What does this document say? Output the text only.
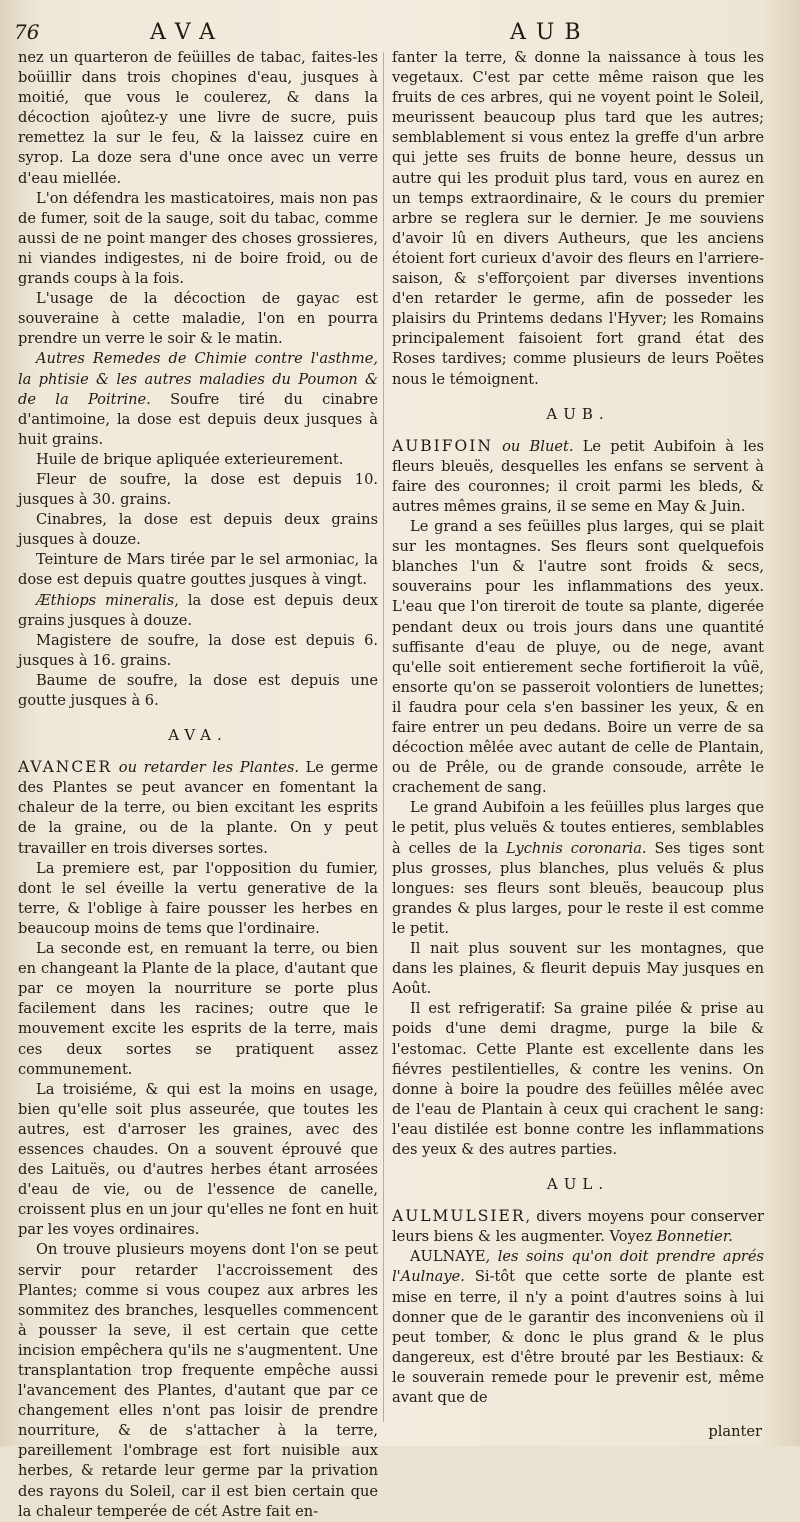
76	AVA	AUB

nez un quarteron de feüilles de tabac, faites-les boüillir dans trois chopines d'eau, jusques à moitié, que vous le coulerez, & dans la décoction ajoûtez-y une livre de sucre, puis remettez la sur le feu, & la laissez cuire en syrop. La doze sera d'une once avec un verre d'eau miellée.

L'on défendra les masticatoires, mais non pas de fumer, soit de la sauge, soit du tabac, comme aussi de ne point manger des choses grossieres, ni viandes indigestes, ni de boire froid, ou de grands coups à la fois.

L'usage de la décoction de gayac est souveraine à cette maladie, l'on en pourra prendre un verre le soir & le matin.

Autres Remedes de Chimie contre l'asthme, la phtisie & les autres maladies du Poumon & de la Poitrine. Soufre tiré du cinabre d'antimoine, la dose est depuis deux jusques à huit grains.

Huile de brique apliquée exterieurement.

Fleur de soufre, la dose est depuis 10. jusques à 30. grains.

Cinabres, la dose est depuis deux grains jusques à douze.

Teinture de Mars tirée par le sel armoniac, la dose est depuis quatre gouttes jusques à vingt.

Æthiops mineralis, la dose est depuis deux grains jusques à douze.

Magistere de soufre, la dose est depuis 6. jusques à 16. grains.

Baume de soufre, la dose est depuis une goutte jusques à 6.

AVA.

AVANCER ou retarder les Plantes. Le germe des Plantes se peut avancer en fomentant la chaleur de la terre, ou bien excitant les esprits de la graine, ou de la plante. On y peut travailler en trois diverses sortes.

La premiere est, par l'opposition du fumier, dont le sel éveille la vertu generative de la terre, & l'oblige à faire pousser les herbes en beaucoup moins de tems que l'ordinaire.

La seconde est, en remuant la terre, ou bien en changeant la Plante de la place, d'autant que par ce moyen la nourriture se porte plus facilement dans les racines; outre que le mouvement excite les esprits de la terre, mais ces deux sortes se pratiquent assez communement.

La troisiéme, & qui est la moins en usage, bien qu'elle soit plus asseurée, que toutes les autres, est d'arroser les graines, avec des essences chaudes. On a souvent éprouvé que des Laituës, ou d'autres herbes étant arrosées d'eau de vie, ou de l'essence de canelle, croissent plus en un jour qu'elles ne font en huit par les voyes ordinaires.

On trouve plusieurs moyens dont l'on se peut servir pour retarder l'accroissement des Plantes; comme si vous coupez aux arbres les sommitez des branches, lesquelles commencent à pousser la seve, il est certain que cette incision empêchera qu'ils ne s'augmentent. Une transplantation trop frequente empêche aussi l'avancement des Plantes, d'autant que par ce changement elles n'ont pas loisir de prendre nourriture, & de s'attacher à la terre, pareillement l'ombrage est fort nuisible aux herbes, & retarde leur germe par la privation des rayons du Soleil, car il est bien certain que la chaleur temperée de cét Astre fait en-

fanter la terre, & donne la naissance à tous les vegetaux. C'est par cette même raison que les fruits de ces arbres, qui ne voyent point le Soleil, meurissent beaucoup plus tard que les autres; semblablement si vous entez la greffe d'un arbre qui jette ses fruits de bonne heure, dessus un autre qui les produit plus tard, vous en aurez en un temps extraordinaire, & le cours du premier arbre se reglera sur le dernier. Je me souviens d'avoir lû en divers Autheurs, que les anciens étoient fort curieux d'avoir des fleurs en l'arriere-saison, & s'efforçoient par diverses inventions d'en retarder le germe, afin de posseder les plaisirs du Printems dedans l'Hyver; les Romains principalement faisoient fort grand état des Roses tardives; comme plusieurs de leurs Poëtes nous le témoignent.

AUB.

AUBIFOIN ou Bluet. Le petit Aubifoin à les fleurs bleuës, desquelles les enfans se servent à faire des couronnes; il croit parmi les bleds, & autres mêmes grains, il se seme en May & Juin.

Le grand a ses feüilles plus larges, qui se plait sur les montagnes. Ses fleurs sont quelquefois blanches l'un & l'autre sont froids & secs, souverains pour les inflammations des yeux. L'eau que l'on tireroit de toute sa plante, digerée pendant deux ou trois jours dans une quantité suffisante d'eau de pluye, ou de nege, avant qu'elle soit entierement seche fortifieroit la vûë, ensorte qu'on se passeroit volontiers de lunettes; il faudra pour cela s'en bassiner les yeux, & en faire entrer un peu dedans. Boire un verre de sa décoction mêlée avec autant de celle de Plantain, ou de Prêle, ou de grande consoude, arrête le crachement de sang.

Le grand Aubifoin a les feüilles plus larges que le petit, plus veluës & toutes entieres, semblables à celles de la Lychnis coronaria. Ses tiges sont plus grosses, plus blanches, plus veluës & plus longues: ses fleurs sont bleuës, beaucoup plus grandes & plus larges, pour le reste il est comme le petit.

Il nait plus souvent sur les montagnes, que dans les plaines, & fleurit depuis May jusques en Août.

Il est refrigeratif: Sa graine pilée & prise au poids d'une demi dragme, purge la bile & l'estomac. Cette Plante est excellente dans les fiévres pestilentielles, & contre les venins. On donne à boire la poudre des feüilles mêlée avec de l'eau de Plantain à ceux qui crachent le sang: l'eau distilée est bonne contre les inflammations des yeux & des autres parties.

AUL.

AULMULSIER, divers moyens pour conserver leurs biens & les augmenter. Voyez Bonnetier.

AULNAYE, les soins qu'on doit prendre aprés l'Aulnaye. Si-tôt que cette sorte de plante est mise en terre, il n'y a point d'autres soins à lui donner que de le garantir des inconveniens où il peut tomber, & donc le plus grand & le plus dangereux, est d'être brouté par les Bestiaux: & le souverain remede pour le prevenir est, même avant que de

planter
